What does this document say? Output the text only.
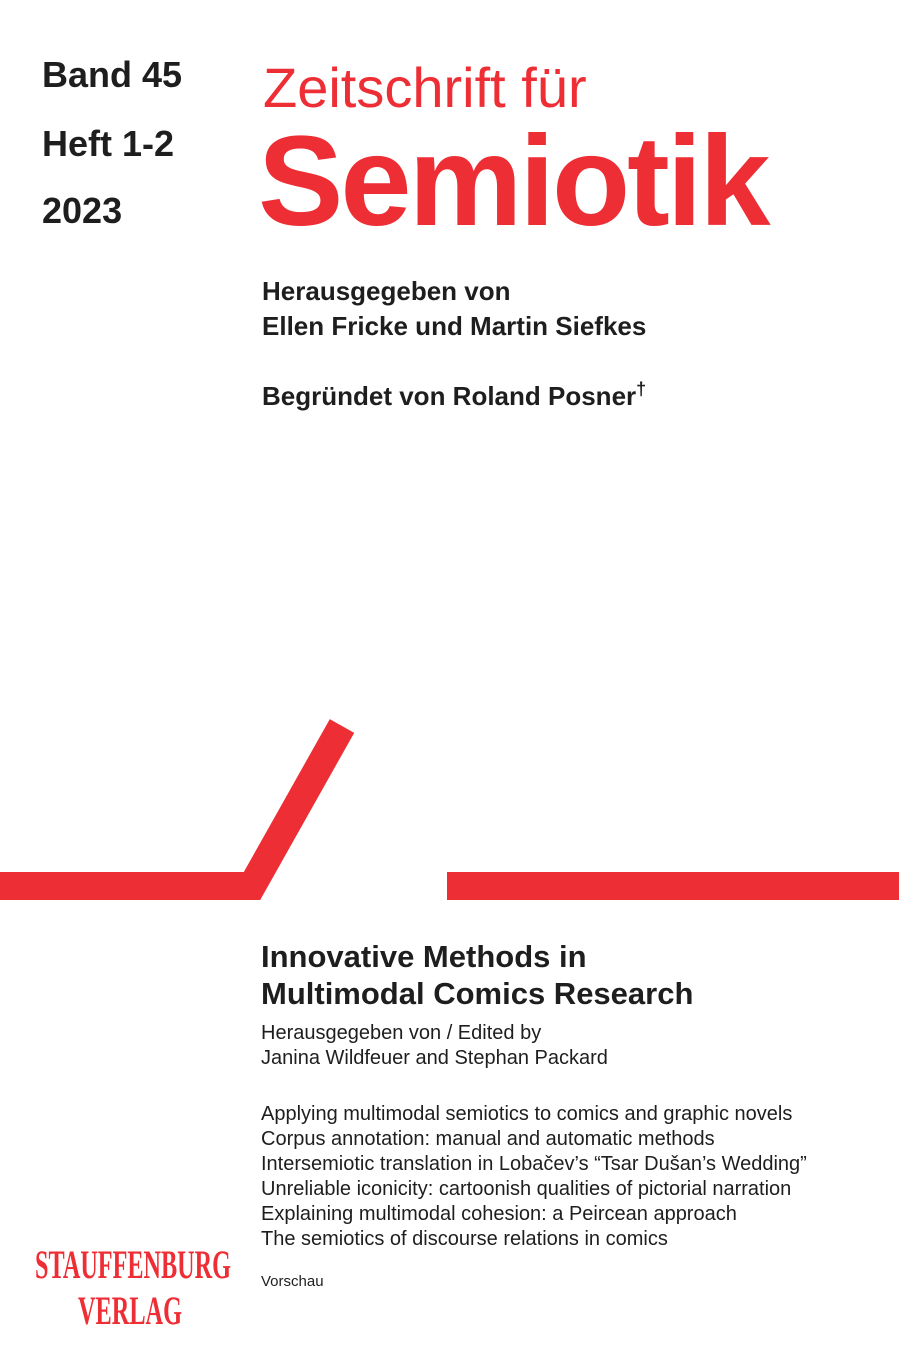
Band 45
Heft 1-2
2023
Zeitschrift für
Semiotik
Herausgegeben von
Ellen Fricke und Martin Siefkes
Begründet von Roland Posner†
Innovative Methods in
Multimodal Comics Research
Herausgegeben von / Edited by
Janina Wildfeuer and Stephan Packard
Applying multimodal semiotics to comics and graphic novels
Corpus annotation: manual and automatic methods
Intersemiotic translation in Lobačev’s “Tsar Dušan’s Wedding”
Unreliable iconicity: cartoonish qualities of pictorial narration
Explaining multimodal cohesion: a Peircean approach
The semiotics of discourse relations in comics
Vorschau
STAUFFENBURG
VERLAG
